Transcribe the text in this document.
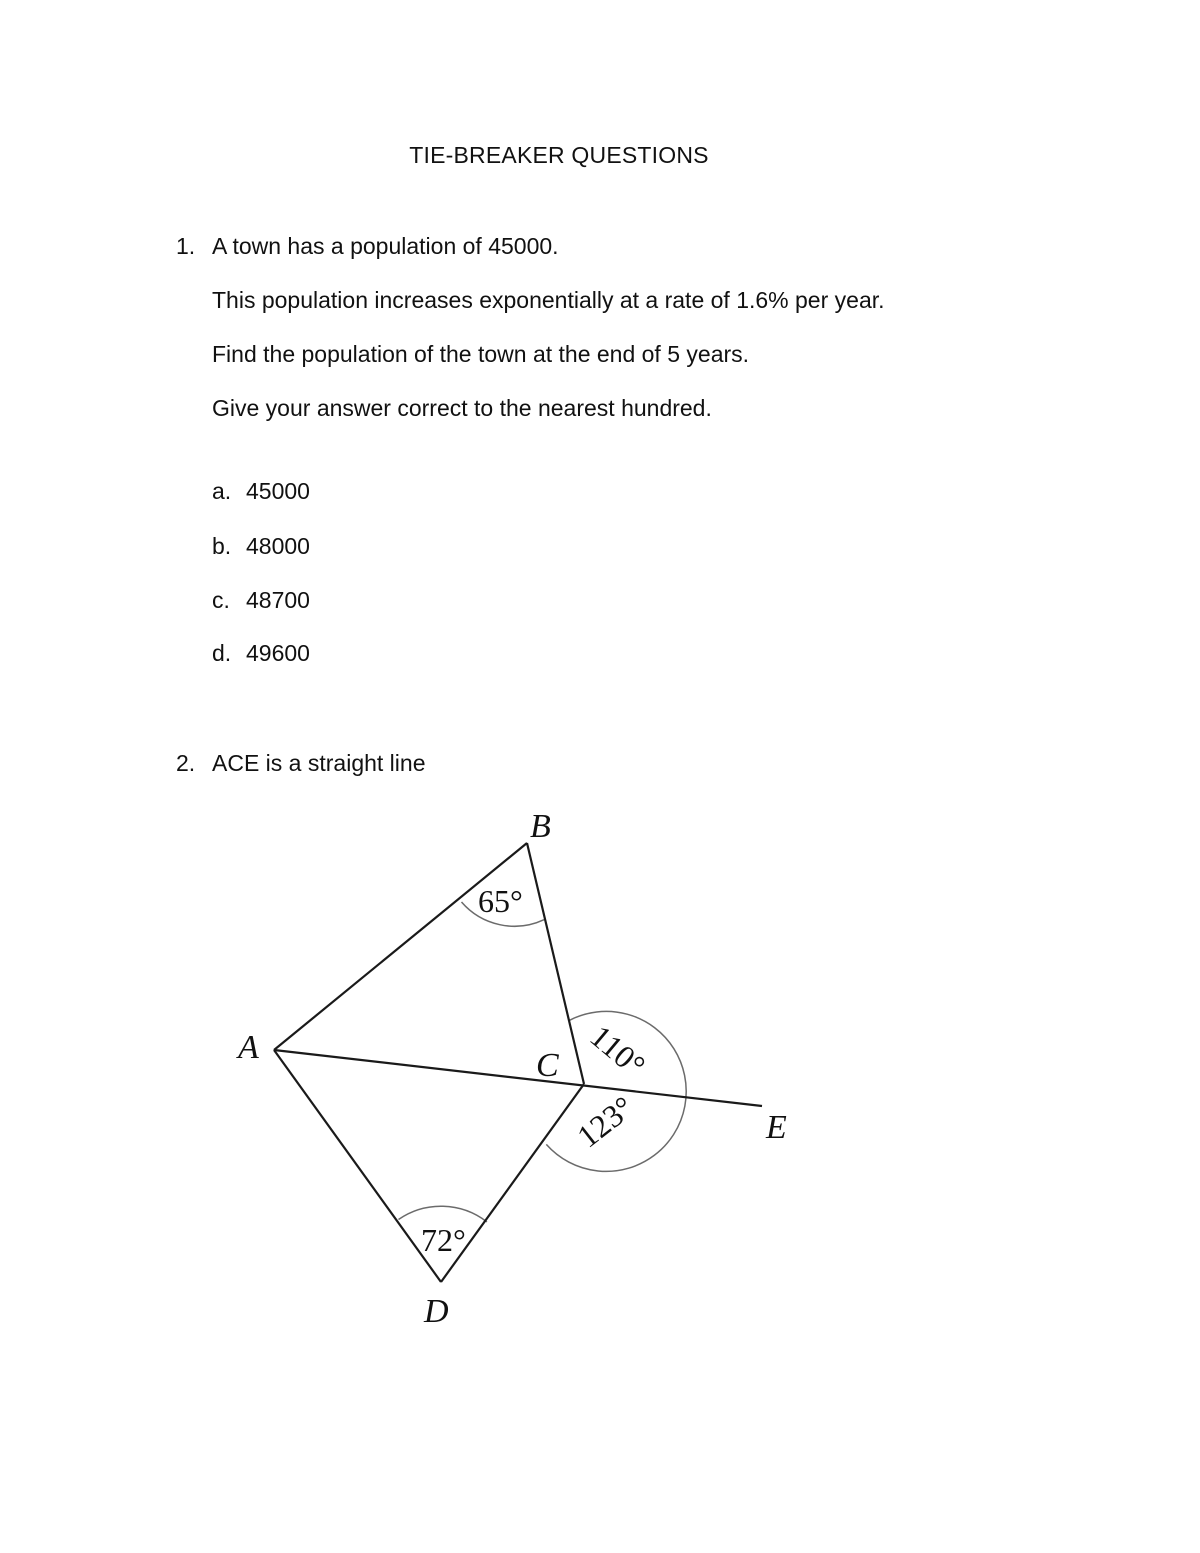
TIE-BREAKER QUESTIONS
1. A town has a population of 45000.
This population increases exponentially at a rate of 1.6% per year.
Find the population of the town at the end of 5 years.
Give your answer correct to the nearest hundred.
a. 45000
b. 48000
c. 48700
d. 49600
2. ACE is a straight line
A
B
C
D
E
65°
110°
123°
72°
